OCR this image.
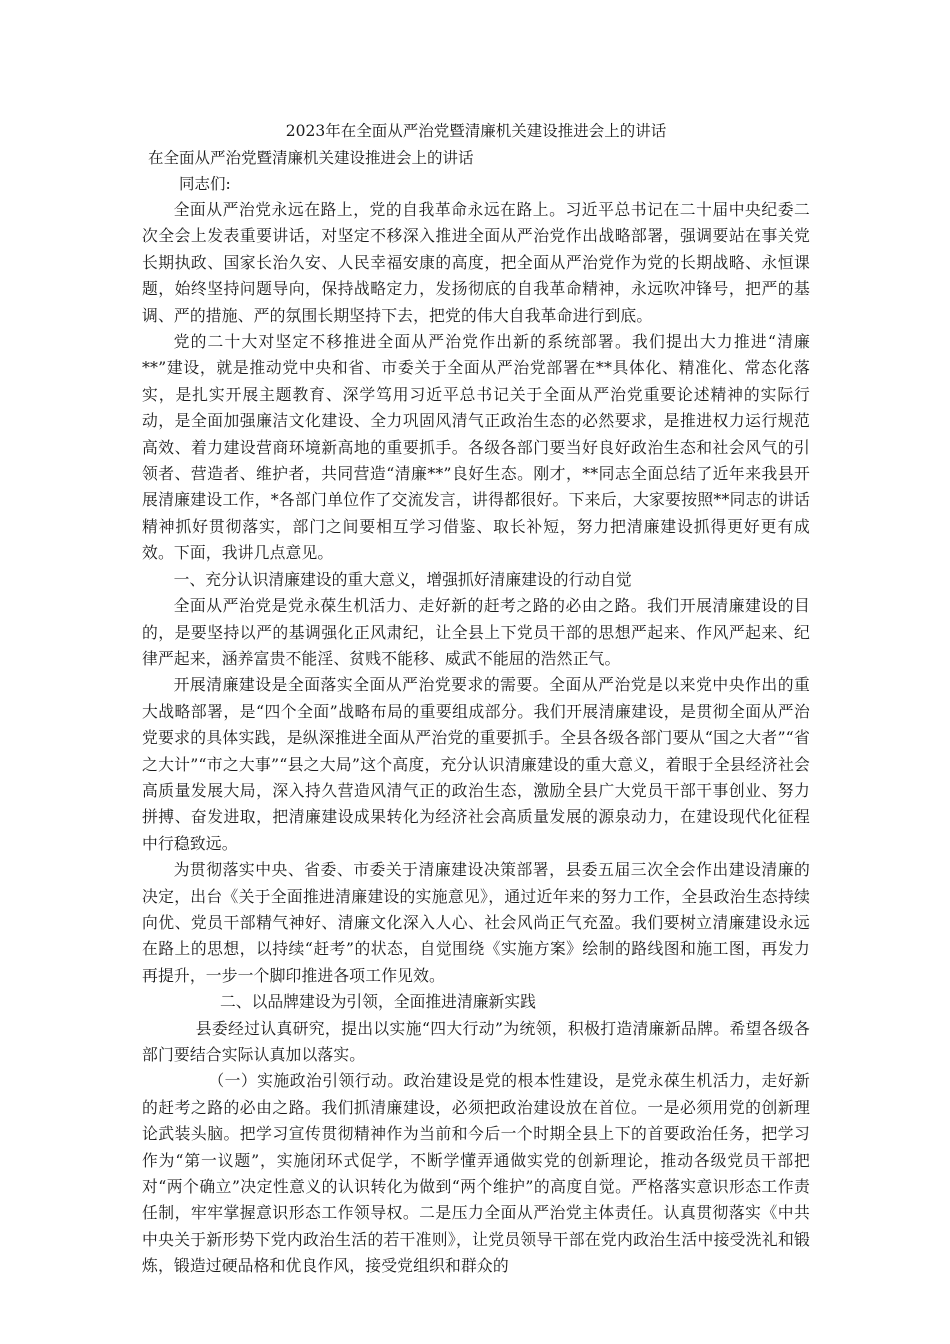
2023年在全面从严治党暨清廉机关建设推进会上的讲话
在全面从严治党暨清廉机关建设推进会上的讲话
同志们:

全面从严治党永远在路上，党的自我革命永远在路上。习近平总书记在二十届中央纪委二次全会上发表重要讲话，对坚定不移深入推进全面从严治党作出战略部署，强调要站在事关党长期执政、国家长治久安、人民幸福安康的高度，把全面从严治党作为党的长期战略、永恒课题，始终坚持问题导向，保持战略定力，发扬彻底的自我革命精神，永远吹冲锋号，把严的基调、严的措施、严的氛围长期坚持下去，把党的伟大自我革命进行到底。

党的二十大对坚定不移推进全面从严治党作出新的系统部署。我们提出大力推进“清廉**”建设，就是推动党中央和省、市委关于全面从严治党部署在**具体化、精准化、常态化落实，是扎实开展主题教育、深学笃用习近平总书记关于全面从严治党重要论述精神的实际行动，是全面加强廉洁文化建设、全力巩固风清气正政治生态的必然要求，是推进权力运行规范高效、着力建设营商环境新高地的重要抓手。各级各部门要当好良好政治生态和社会风气的引领者、营造者、维护者，共同营造“清廉**”良好生态。刚才，**同志全面总结了近年来我县开展清廉建设工作，*各部门单位作了交流发言，讲得都很好。下来后，大家要按照**同志的讲话精神抓好贯彻落实，部门之间要相互学习借鉴、取长补短，努力把清廉建设抓得更好更有成效。下面，我讲几点意见。

一、充分认识清廉建设的重大意义，增强抓好清廉建设的行动自觉

全面从严治党是党永葆生机活力、走好新的赶考之路的必由之路。我们开展清廉建设的目的，是要坚持以严的基调强化正风肃纪，让全县上下党员干部的思想严起来、作风严起来、纪律严起来，涵养富贵不能淫、贫贱不能移、威武不能屈的浩然正气。

开展清廉建设是全面落实全面从严治党要求的需要。全面从严治党是以来党中央作出的重大战略部署，是“四个全面”战略布局的重要组成部分。我们开展清廉建设，是贯彻全面从严治党要求的具体实践，是纵深推进全面从严治党的重要抓手。全县各级各部门要从“国之大者”“省之大计”“市之大事”“县之大局”这个高度，充分认识清廉建设的重大意义，着眼于全县经济社会高质量发展大局，深入持久营造风清气正的政治生态，激励全县广大党员干部干事创业、努力拼搏、奋发进取，把清廉建设成果转化为经济社会高质量发展的源泉动力，在建设现代化征程中行稳致远。

为贯彻落实中央、省委、市委关于清廉建设决策部署，县委五届三次全会作出建设清廉的决定，出台《关于全面推进清廉建设的实施意见》，通过近年来的努力工作，全县政治生态持续向优、党员干部精气神好、清廉文化深入人心、社会风尚正气充盈。我们要树立清廉建设永远在路上的思想，以持续“赶考”的状态，自觉围绕《实施方案》绘制的路线图和施工图，再发力再提升，一步一个脚印推进各项工作见效。

二、以品牌建设为引领，全面推进清廉新实践

县委经过认真研究，提出以实施“四大行动”为统领，积极打造清廉新品牌。希望各级各部门要结合实际认真加以落实。

（一）实施政治引领行动。政治建设是党的根本性建设，是党永葆生机活力，走好新的赶考之路的必由之路。我们抓清廉建设，必须把政治建设放在首位。一是必须用党的创新理论武装头脑。把学习宣传贯彻精神作为当前和今后一个时期全县上下的首要政治任务，把学习作为“第一议题”，实施闭环式促学，不断学懂弄通做实党的创新理论，推动各级党员干部把对“两个确立”决定性意义的认识转化为做到“两个维护”的高度自觉。严格落实意识形态工作责任制，牢牢掌握意识形态工作领导权。二是压力全面从严治党主体责任。认真贯彻落实《中共中央关于新形势下党内政治生活的若干准则》，让党员领导干部在党内政治生活中接受洗礼和锻炼，锻造过硬品格和优良作风，接受党组织和群众的
